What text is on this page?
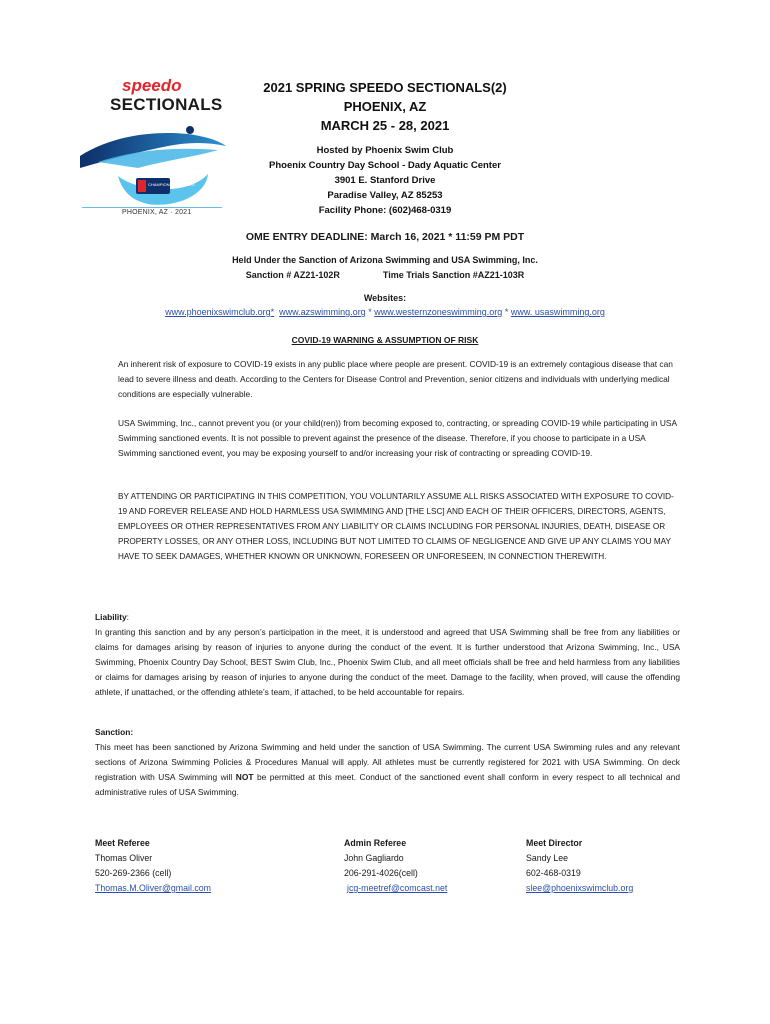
speedo
SECTIONALS
CHAMPIONSHIP SERIES
PHOENIX, AZ · 2021
2021 SPRING SPEEDO SECTIONALS(2)
PHOENIX, AZ
MARCH 25 - 28, 2021
Hosted by Phoenix Swim Club
Phoenix Country Day School - Dady Aquatic Center
3901 E. Stanford Drive
Paradise Valley, AZ 85253
Facility Phone: (602)468-0319
OME ENTRY DEADLINE: March 16, 2021 * 11:59 PM PDT
Held Under the Sanction of Arizona Swimming and USA Swimming, Inc.
Sanction # AZ21-102R	Time Trials Sanction #AZ21-103R
Websites:
www.phoenixswimclub.org* www.azswimming.org * www.westernzoneswimming.org * www. usaswimming.org
COVID-19 WARNING & ASSUMPTION OF RISK
An inherent risk of exposure to COVID-19 exists in any public place where people are present. COVID-19 is an extremely contagious disease that can lead to severe illness and death. According to the Centers for Disease Control and Prevention, senior citizens and individuals with underlying medical conditions are especially vulnerable.
USA Swimming, Inc., cannot prevent you (or your child(ren)) from becoming exposed to, contracting, or spreading COVID-19 while participating in USA Swimming sanctioned events. It is not possible to prevent against the presence of the disease. Therefore, if you choose to participate in a USA Swimming sanctioned event, you may be exposing yourself to and/or increasing your risk of contracting or spreading COVID-19.
BY ATTENDING OR PARTICIPATING IN THIS COMPETITION, YOU VOLUNTARILY ASSUME ALL RISKS ASSOCIATED WITH EXPOSURE TO COVID-19 AND FOREVER RELEASE AND HOLD HARMLESS USA SWIMMING AND [THE LSC] AND EACH OF THEIR OFFICERS, DIRECTORS, AGENTS, EMPLOYEES OR OTHER REPRESENTATIVES FROM ANY LIABILITY OR CLAIMS INCLUDING FOR PERSONAL INJURIES, DEATH, DISEASE OR PROPERTY LOSSES, OR ANY OTHER LOSS, INCLUDING BUT NOT LIMITED TO CLAIMS OF NEGLIGENCE AND GIVE UP ANY CLAIMS YOU MAY HAVE TO SEEK DAMAGES, WHETHER KNOWN OR UNKNOWN, FORESEEN OR UNFORESEEN, IN CONNECTION THEREWITH.
Liability:
In granting this sanction and by any person’s participation in the meet, it is understood and agreed that USA Swimming shall be free from any liabilities or claims for damages arising by reason of injuries to anyone during the conduct of the event. It is further understood that Arizona Swimming, Inc., USA Swimming, Phoenix Country Day School, BEST Swim Club, Inc., Phoenix Swim Club, and all meet officials shall be free and held harmless from any liabilities or claims for damages arising by reason of injuries to anyone during the conduct of the meet. Damage to the facility, when proved, will cause the offending athlete, if unattached, or the offending athlete’s team, if attached, to be held accountable for repairs.
Sanction:
This meet has been sanctioned by Arizona Swimming and held under the sanction of USA Swimming. The current USA Swimming rules and any relevant sections of Arizona Swimming Policies & Procedures Manual will apply. All athletes must be currently registered for 2021 with USA Swimming. On deck registration with USA Swimming will NOT be permitted at this meet. Conduct of the sanctioned event shall conform in every respect to all technical and administrative rules of USA Swimming.
Meet Referee
Thomas Oliver
520-269-2366 (cell)
Thomas.M.Oliver@gmail.com
Admin Referee
John Gagliardo
206-291-4026(cell)
jcg-meetref@comcast.net
Meet Director
Sandy Lee
602-468-0319
slee@phoenixswimclub.org
